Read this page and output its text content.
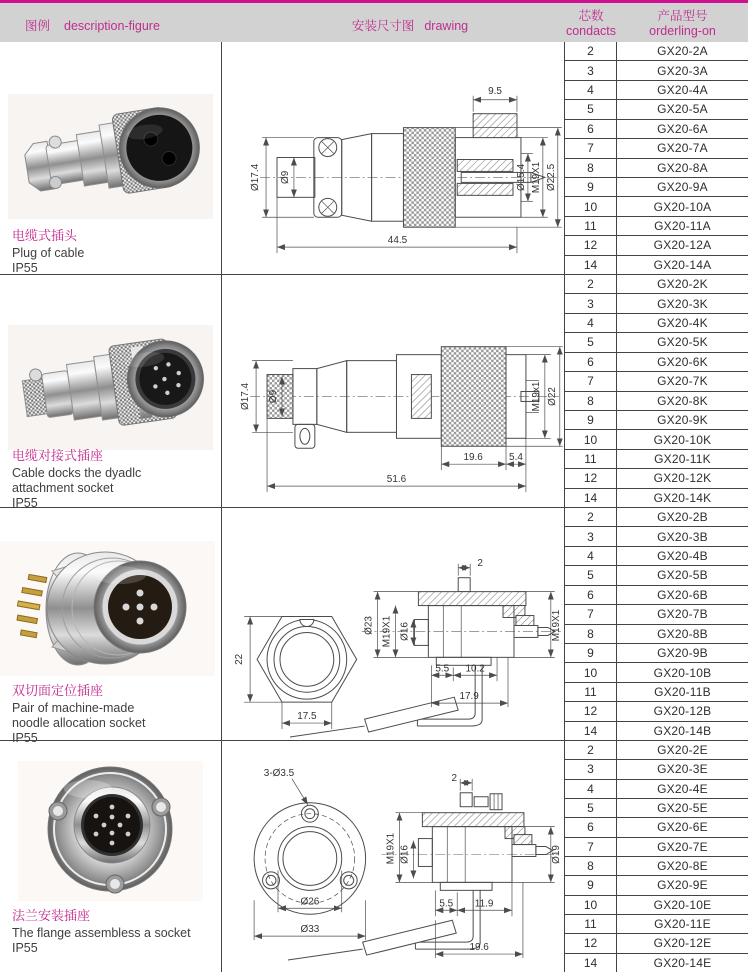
图例 description-figure	安装尺寸图 drawing
芯数
condacts
产品型号
orderling-on
电缆式插头
Plug of cable
IP55
9.5
Ø17.4 Ø9	Ø15.4 M19X1 Ø22.5
44.5
2	GX20-2A
3	GX20-3A
4	GX20-4A
5	GX20-5A
6	GX20-6A
7	GX20-7A
8	GX20-8A
9	GX20-9A
10	GX20-10A
11	GX20-11A
12	GX20-12A
14	GX20-14A
电缆对接式插座
Cable docks the dyadlc
attachment socket
IP55
Ø17.4 Ø9	M19x1 Ø22
19.6	5.4
51.6
2	GX20-2K
3	GX20-3K
4	GX20-4K
5	GX20-5K
6	GX20-6K
7	GX20-7K
8	GX20-8K
9	GX20-9K
10	GX20-10K
11	GX20-11K
12	GX20-12K
14	GX20-14K
双切面定位插座
Pair of machine-made
noodle allocation socket
IP55
22
17.5
2
Ø23 M19X1 Ø16	M19X1
5.5 10.2
17.9
2	GX20-2B
3	GX20-3B
4	GX20-4B
5	GX20-5B
6	GX20-6B
7	GX20-7B
8	GX20-8B
9	GX20-9B
10	GX20-10B
11	GX20-11B
12	GX20-12B
14	GX20-14B
法兰安装插座
The flange assembless a socket
IP55
3-Ø3.5
Ø26
Ø33
2
M19X1 Ø16	Ø19
5.5 11.9
19.6
2	GX20-2E
3	GX20-3E
4	GX20-4E
5	GX20-5E
6	GX20-6E
7	GX20-7E
8	GX20-8E
9	GX20-9E
10	GX20-10E
11	GX20-11E
12	GX20-12E
14	GX20-14E
